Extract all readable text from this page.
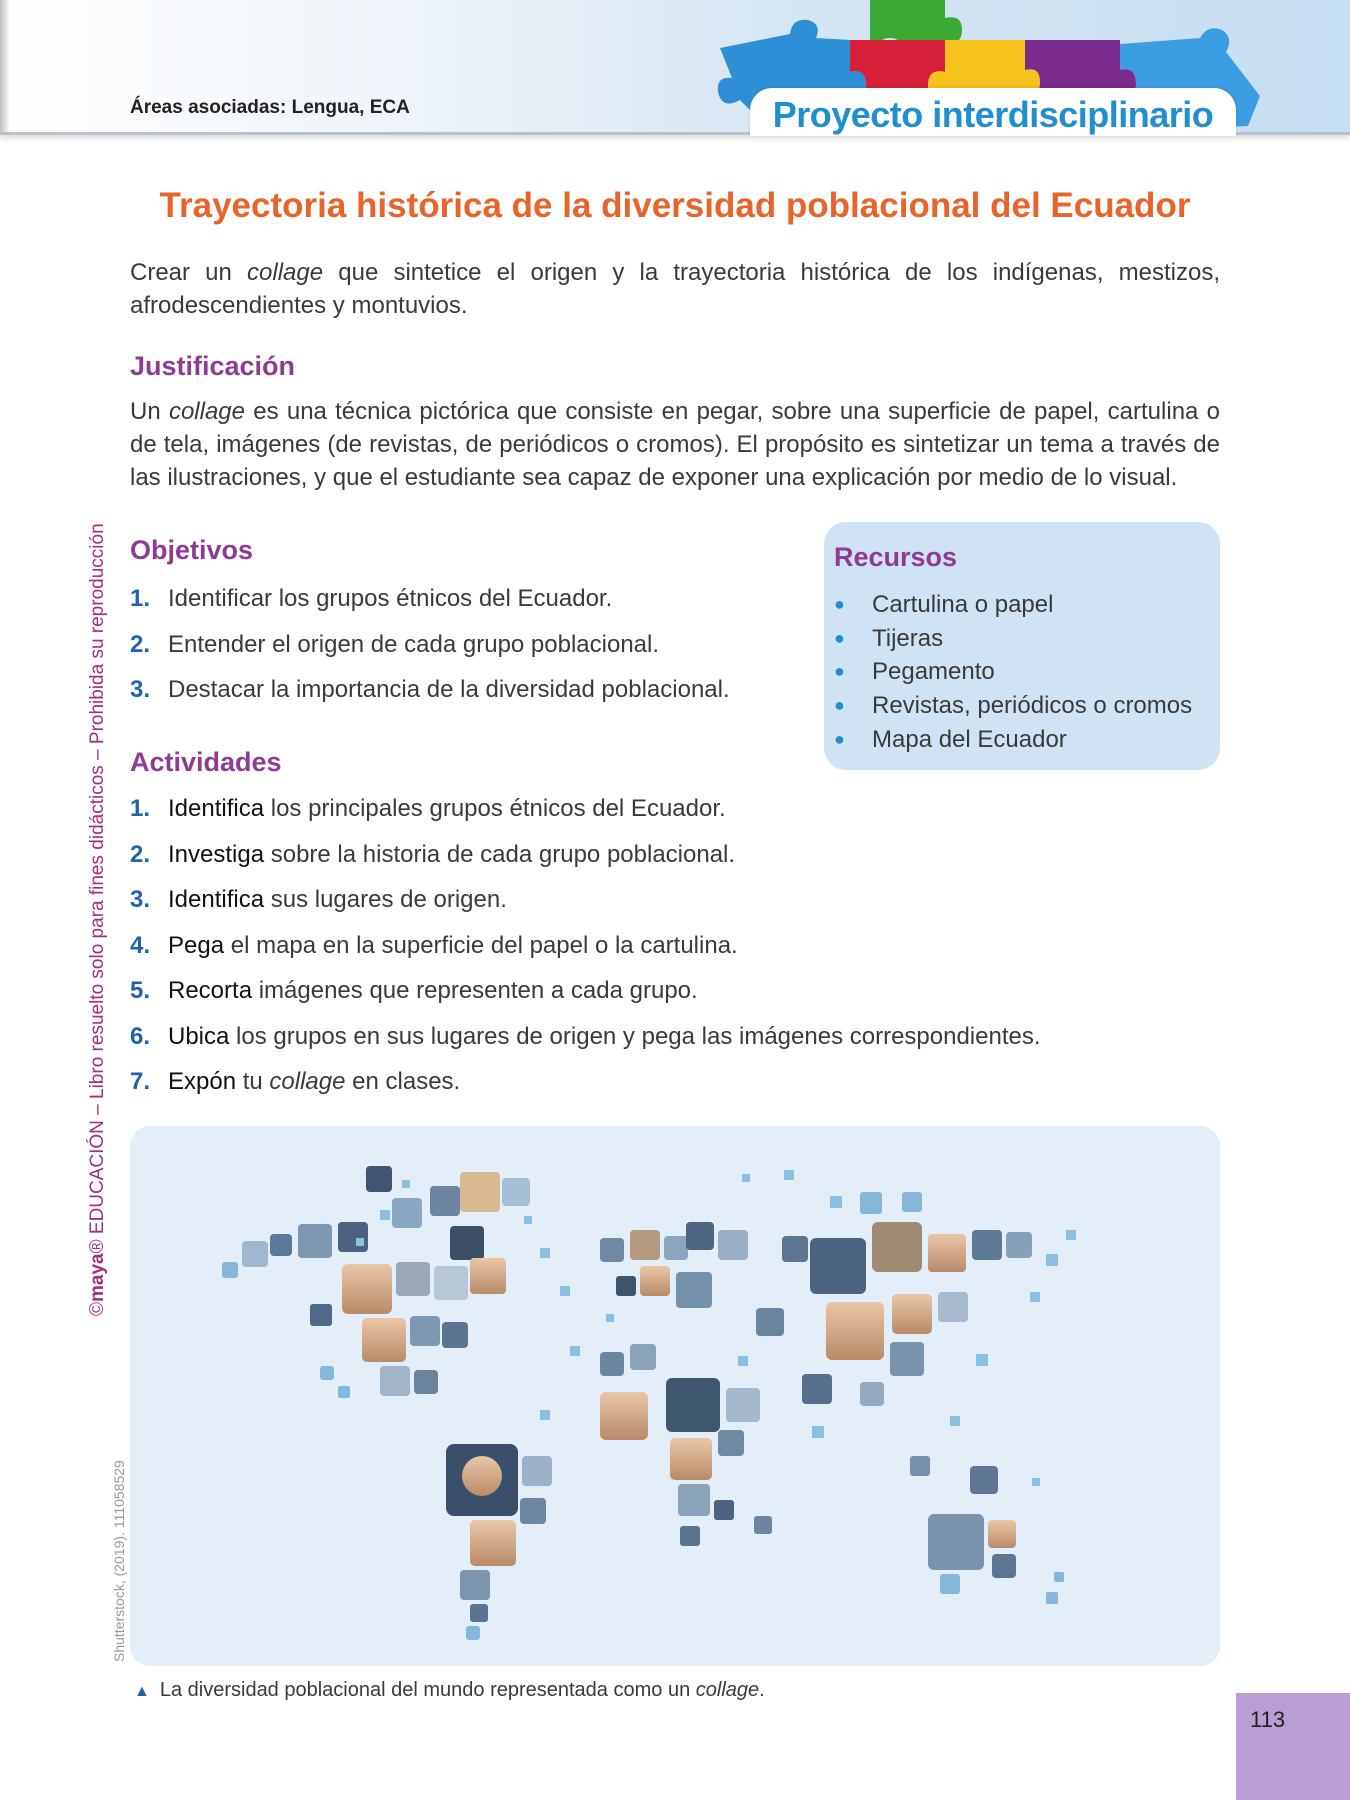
Áreas asociadas: Lengua, ECA	Proyecto interdisciplinario
©maya® EDUCACIÓN – Libro resuelto solo para fines didácticos – Prohibida su reproducción
Shutterstock, (2019). 111058529
Trayectoria histórica de la diversidad poblacional del Ecuador
Crear un collage que sintetice el origen y la trayectoria histórica de los indígenas, mestizos, afrodescendientes y montuvios.
Justificación
Un collage es una técnica pictórica que consiste en pegar, sobre una superficie de papel, cartulina o de tela, imágenes (de revistas, de periódicos o cromos). El propósito es sintetizar un tema a través de las ilustraciones, y que el estudiante sea capaz de exponer una explicación por medio de lo visual.
Objetivos
1. Identificar los grupos étnicos del Ecuador.
2. Entender el origen de cada grupo poblacional.
3. Destacar la importancia de la diversidad poblacional.
Recursos
● Cartulina o papel
● Tijeras
● Pegamento
● Revistas, periódicos o cromos
● Mapa del Ecuador
Actividades
1. Identifica los principales grupos étnicos del Ecuador.
2. Investiga sobre la historia de cada grupo poblacional.
3. Identifica sus lugares de origen.
4. Pega el mapa en la superficie del papel o la cartulina.
5. Recorta imágenes que representen a cada grupo.
6. Ubica los grupos en sus lugares de origen y pega las imágenes correspondientes.
7. Expón tu collage en clases.
▲ La diversidad poblacional del mundo representada como un collage.
113
